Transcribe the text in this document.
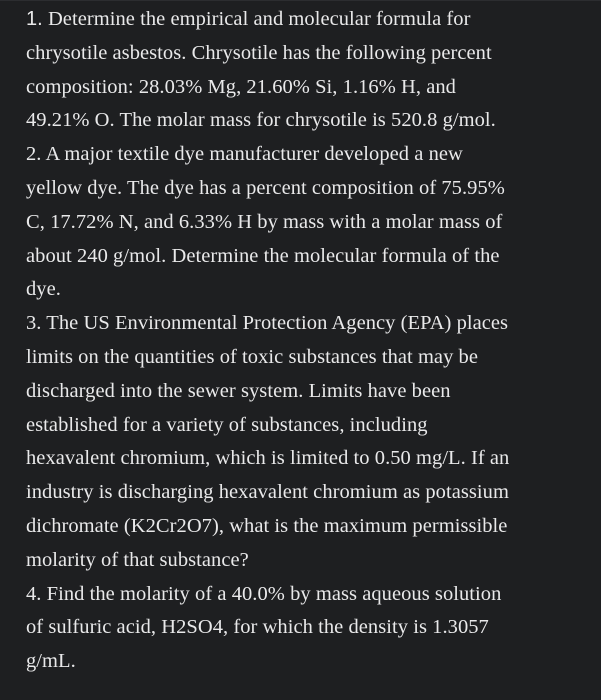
1. Determine the empirical and molecular formula for
chrysotile asbestos. Chrysotile has the following percent
composition: 28.03% Mg, 21.60% Si, 1.16% H, and
49.21% O. The molar mass for chrysotile is 520.8 g/mol.
2. A major textile dye manufacturer developed a new
yellow dye. The dye has a percent composition of 75.95%
C, 17.72% N, and 6.33% H by mass with a molar mass of
about 240 g/mol. Determine the molecular formula of the
dye.
3. The US Environmental Protection Agency (EPA) places
limits on the quantities of toxic substances that may be
discharged into the sewer system. Limits have been
established for a variety of substances, including
hexavalent chromium, which is limited to 0.50 mg/L. If an
industry is discharging hexavalent chromium as potassium
dichromate (K2Cr2O7), what is the maximum permissible
molarity of that substance?
4. Find the molarity of a 40.0% by mass aqueous solution
of sulfuric acid, H2SO4, for which the density is 1.3057
g/mL.
